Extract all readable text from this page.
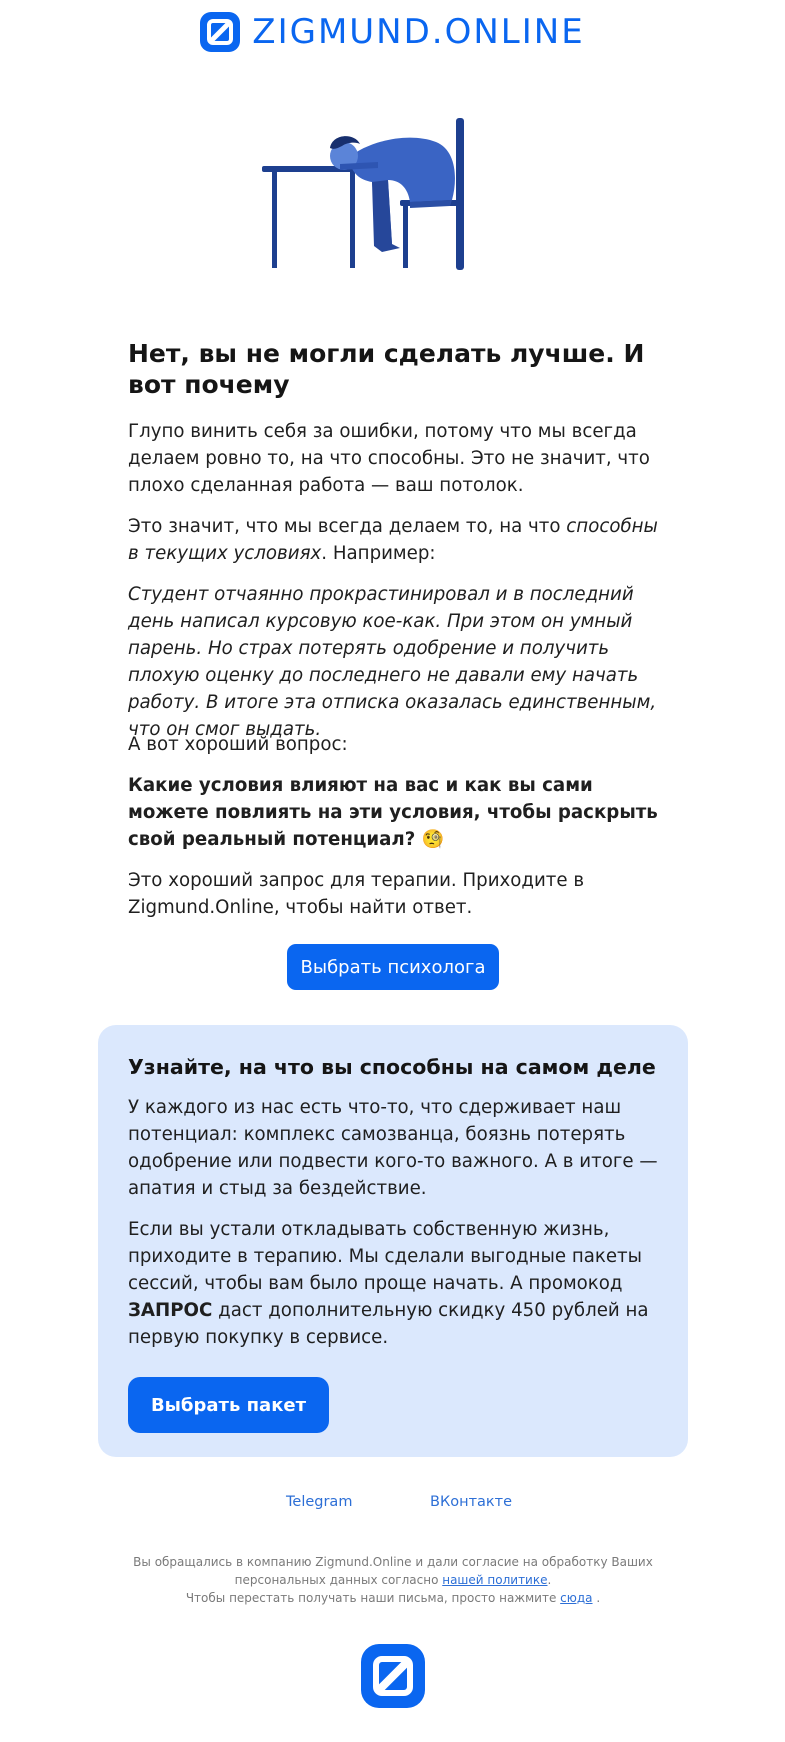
ZIGMUND.ONLINE
Нет, вы не могли сделать лучше. И вот почему

Глупо винить себя за ошибки, потому что мы всегда делаем ровно то, на что способны. Это не значит, что плохо сделанная работа — ваш потолок.

Это значит, что мы всегда делаем то, на что способны в текущих условиях. Например:

Студент отчаянно прокрастинировал и в последний день написал курсовую кое-как. При этом он умный парень. Но страх потерять одобрение и получить плохую оценку до последнего не давали ему начать работу. В итоге эта отписка оказалась единственным, что он смог выдать.

А вот хороший вопрос:

Какие условия влияют на вас и как вы сами можете повлиять на эти условия, чтобы раскрыть свой реальный потенциал? 🧐

Это хороший запрос для терапии. Приходите в Zigmund.Online, чтобы найти ответ.

Выбрать психолога
Узнайте, на что вы способны на самом деле

У каждого из нас есть что-то, что сдерживает наш потенциал: комплекс самозванца, боязнь потерять одобрение или подвести кого-то важного. А в итоге — апатия и стыд за бездействие.

Если вы устали откладывать собственную жизнь, приходите в терапию. Мы сделали выгодные пакеты сессий, чтобы вам было проще начать. А промокод ЗАПРОС даст дополнительную скидку 450 рублей на первую покупку в сервисе.

Выбрать пакет
Telegram	ВКонтакте
Вы обращались в компанию Zigmund.Online и дали согласие на обработку Ваших персональных данных согласно нашей политике.
Чтобы перестать получать наши письма, просто нажмите сюда .
